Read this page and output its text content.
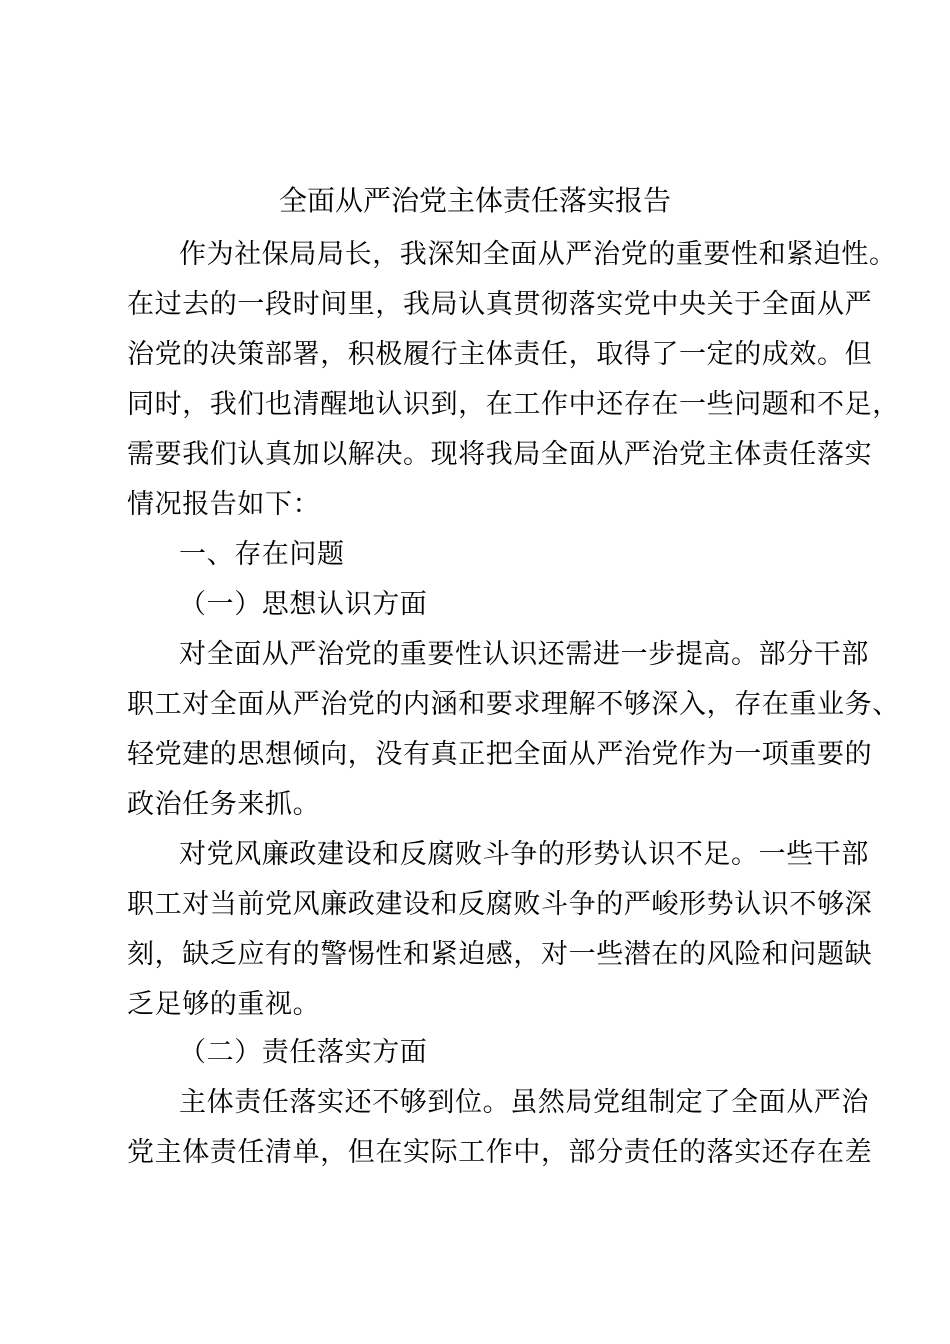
全面从严治党主体责任落实报告
作为社保局局长，我深知全面从严治党的重要性和紧迫性。
在过去的一段时间里，我局认真贯彻落实党中央关于全面从严
治党的决策部署，积极履行主体责任，取得了一定的成效。但
同时，我们也清醒地认识到，在工作中还存在一些问题和不足，
需要我们认真加以解决。现将我局全面从严治党主体责任落实
情况报告如下：
一、存在问题
（一）思想认识方面
对全面从严治党的重要性认识还需进一步提高。部分干部
职工对全面从严治党的内涵和要求理解不够深入，存在重业务、
轻党建的思想倾向，没有真正把全面从严治党作为一项重要的
政治任务来抓。
对党风廉政建设和反腐败斗争的形势认识不足。一些干部
职工对当前党风廉政建设和反腐败斗争的严峻形势认识不够深
刻，缺乏应有的警惕性和紧迫感，对一些潜在的风险和问题缺
乏足够的重视。
（二）责任落实方面
主体责任落实还不够到位。虽然局党组制定了全面从严治
党主体责任清单，但在实际工作中，部分责任的落实还存在差
